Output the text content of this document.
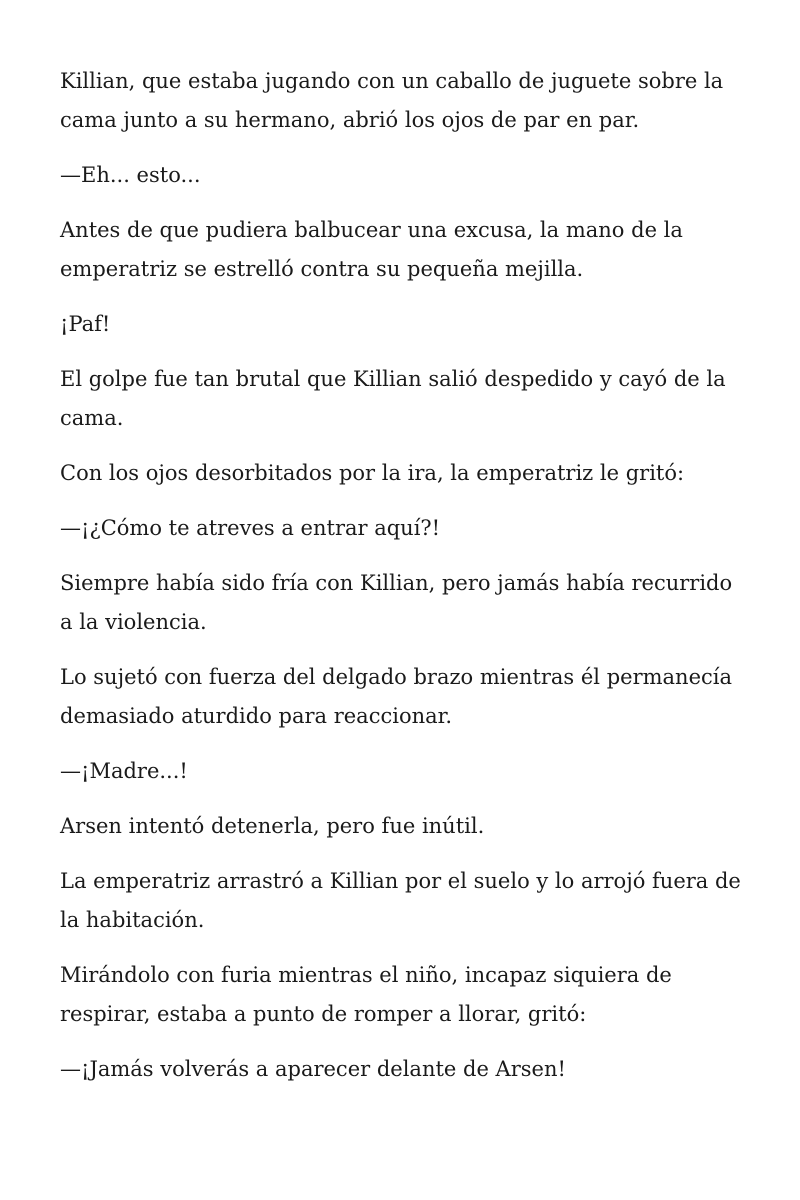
Killian, que estaba jugando con un caballo de juguete sobre la cama junto a su hermano, abrió los ojos de par en par.

—Eh... esto...

Antes de que pudiera balbucear una excusa, la mano de la emperatriz se estrelló contra su pequeña mejilla.

¡Paf!

El golpe fue tan brutal que Killian salió despedido y cayó de la cama.

Con los ojos desorbitados por la ira, la emperatriz le gritó:

—¡¿Cómo te atreves a entrar aquí?!

Siempre había sido fría con Killian, pero jamás había recurrido a la violencia.

Lo sujetó con fuerza del delgado brazo mientras él permanecía demasiado aturdido para reaccionar.

—¡Madre...!

Arsen intentó detenerla, pero fue inútil.

La emperatriz arrastró a Killian por el suelo y lo arrojó fuera de la habitación.

Mirándolo con furia mientras el niño, incapaz siquiera de respirar, estaba a punto de romper a llorar, gritó:

—¡Jamás volverás a aparecer delante de Arsen!
